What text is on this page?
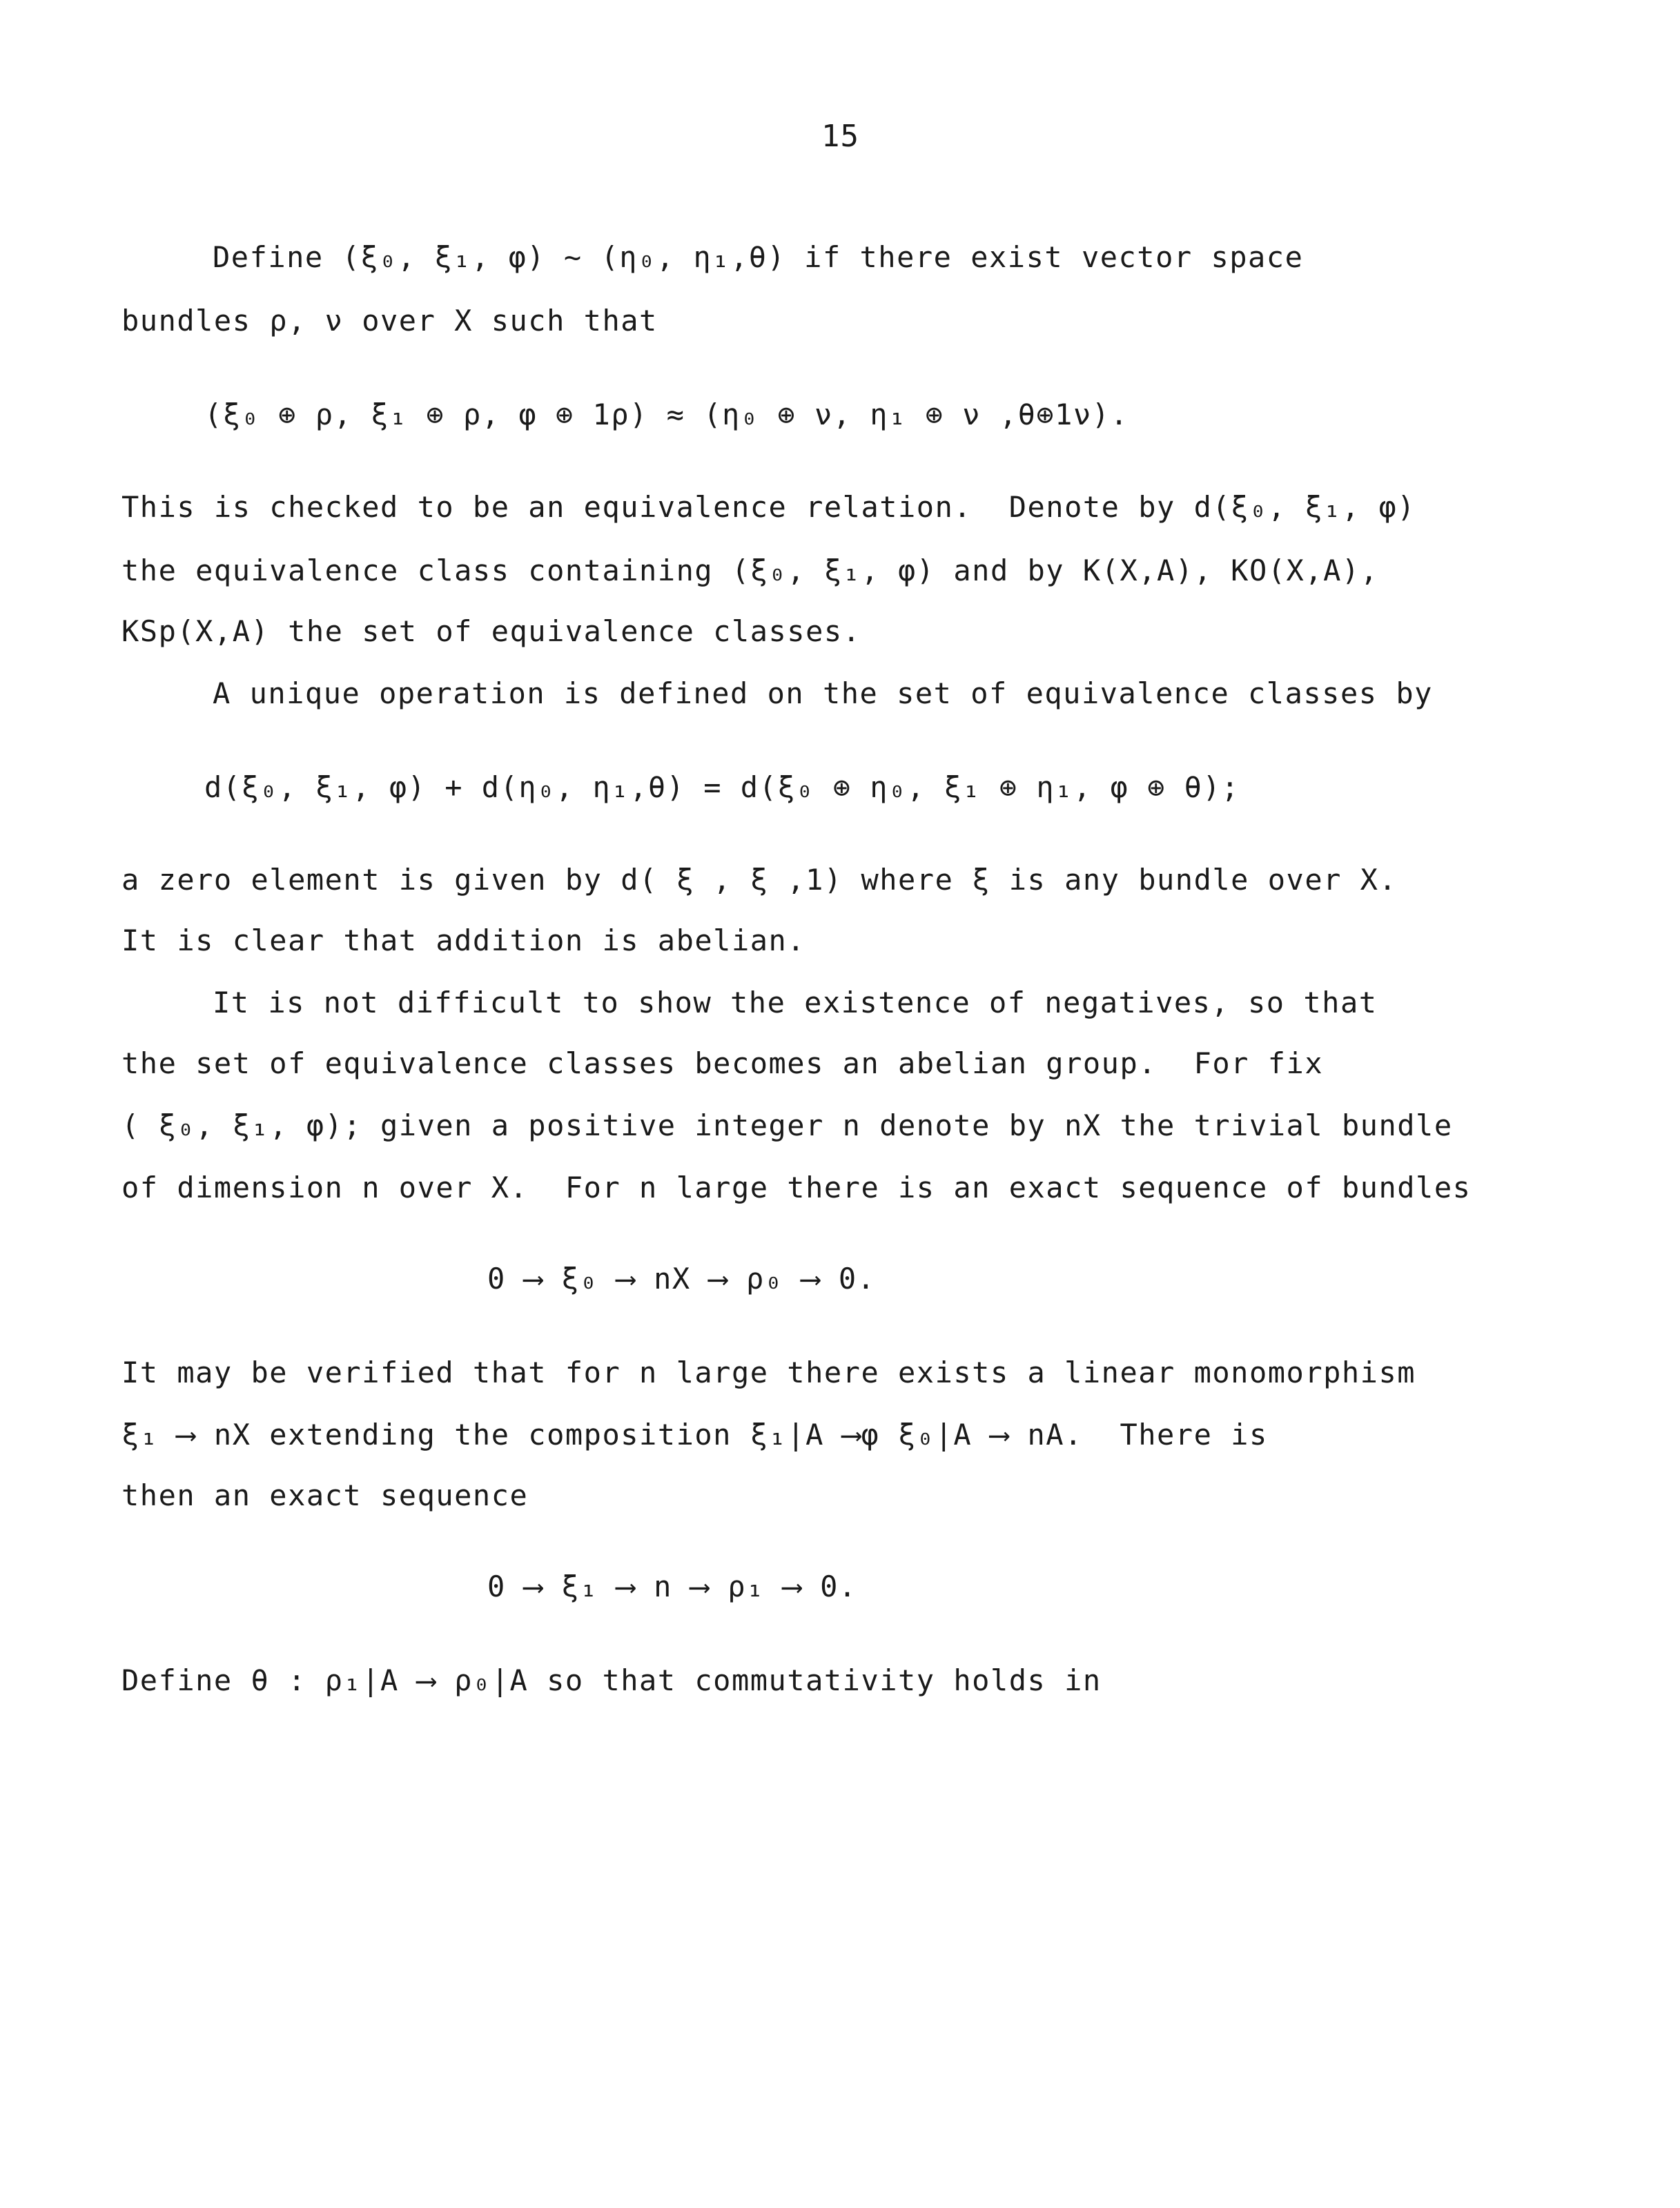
15
Define (ξ₀, ξ₁, φ) ~ (η₀, η₁,θ) if there exist vector space
bundles ρ, ν over X such that
(ξ₀ ⊕ ρ, ξ₁ ⊕ ρ, φ ⊕ 1ρ) ≈ (η₀ ⊕ ν, η₁ ⊕ ν ,θ⊕1ν).
This is checked to be an equivalence relation.  Denote by d(ξ₀, ξ₁, φ)
the equivalence class containing (ξ₀, ξ₁, φ) and by K(X,A), KO(X,A),
KSp(X,A) the set of equivalence classes.
A unique operation is defined on the set of equivalence classes by
d(ξ₀, ξ₁, φ) + d(η₀, η₁,θ) = d(ξ₀ ⊕ η₀, ξ₁ ⊕ η₁, φ ⊕ θ);
a zero element is given by d( ξ , ξ ,1) where ξ is any bundle over X.
It is clear that addition is abelian.
It is not difficult to show the existence of negatives, so that
the set of equivalence classes becomes an abelian group.  For fix
( ξ₀, ξ₁, φ); given a positive integer n denote by nX the trivial bundle
of dimension n over X.  For n large there is an exact sequence of bundles
0 ⟶ ξ₀ ⟶ nX ⟶ ρ₀ ⟶ 0.
It may be verified that for n large there exists a linear monomorphism
ξ₁ ⟶ nX extending the composition ξ₁|A ⟶φ ξ₀|A ⟶ nA.  There is
then an exact sequence
0 ⟶ ξ₁ ⟶ n ⟶ ρ₁ ⟶ 0.
Define θ : ρ₁|A ⟶ ρ₀|A so that commutativity holds in
